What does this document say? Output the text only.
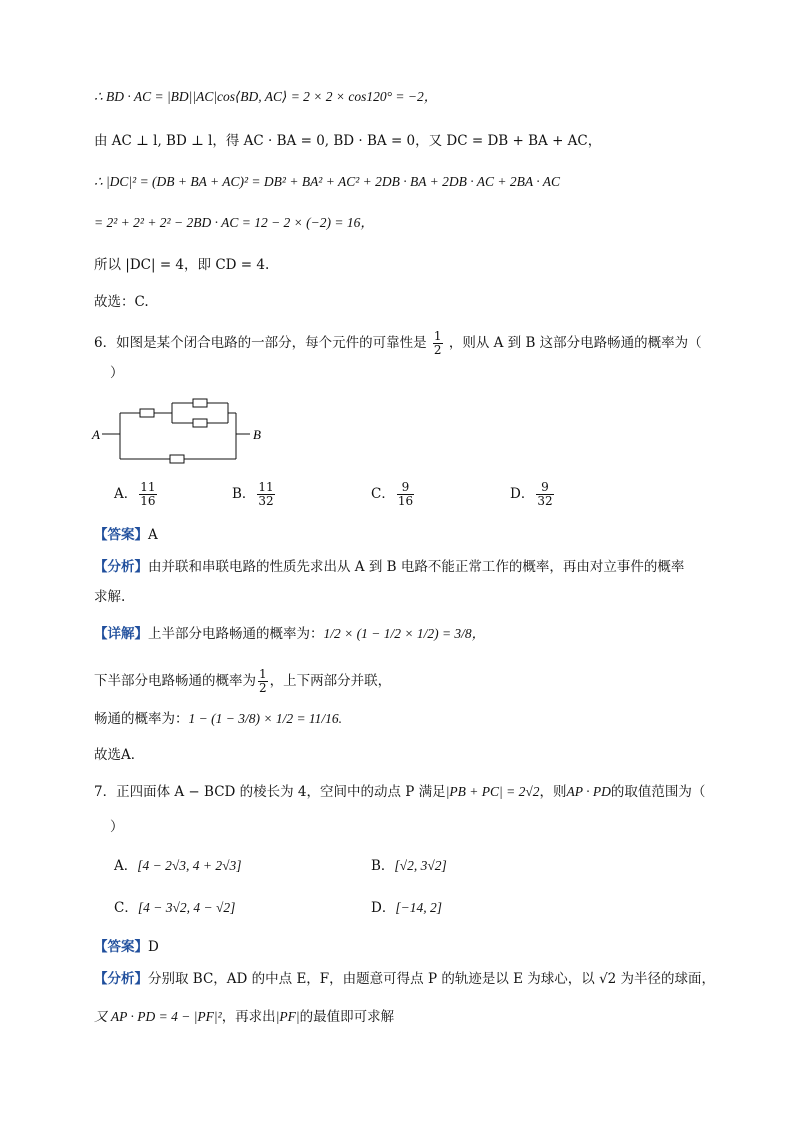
∴ BD · AC = |BD||AC|cos⟨BD, AC⟩ = 2 × 2 × cos120° = −2，
由 AC ⊥ l, BD ⊥ l，得 AC · BA = 0, BD · BA = 0，又 DC = DB + BA + AC，
∴ |DC|² = (DB + BA + AC)² = DB² + BA² + AC² + 2DB · BA + 2DB · AC + 2BA · AC
= 2² + 2² + 2² − 2BD · AC = 12 − 2 × (−2) = 16，
所以 |DC| = 4，即 CD = 4.
故选：C.
6．如图是某个闭合电路的一部分，每个元件的可靠性是 $\frac{1}{2}$ ，则从 A 到 B 这部分电路畅通的概率为（
）
A	B
A． $\frac{11}{16}$	B． $\frac{11}{32}$	C． $\frac{9}{16}$	D． $\frac{9}{32}$
【答案】A
【分析】由并联和串联电路的性质先求出从 A 到 B 电路不能正常工作的概率，再由对立事件的概率
求解.
【详解】上半部分电路畅通的概率为：1/2 × (1 − 1/2 × 1/2) = 3/8，
下半部分电路畅通的概率为 $\frac{1}{2}$ ，上下两部分并联，
畅通的概率为：1 − (1 − 3/8) × 1/2 = 11/16.
故选A．
7．正四面体 A − BCD 的棱长为 4，空间中的动点 P 满足|PB + PC| = 2√2，则AP · PD的取值范围为（
）
A．[4 − 2√3, 4 + 2√3]	B．[√2, 3√2]
C．[4 − 3√2, 4 − √2]	D．[−14, 2]
【答案】D
【分析】分别取 BC，AD 的中点 E，F，由题意可得点 P 的轨迹是以 E 为球心，以 √2 为半径的球面，
又 AP · PD = 4 − |PF|²，再求出|PF|的最值即可求解
